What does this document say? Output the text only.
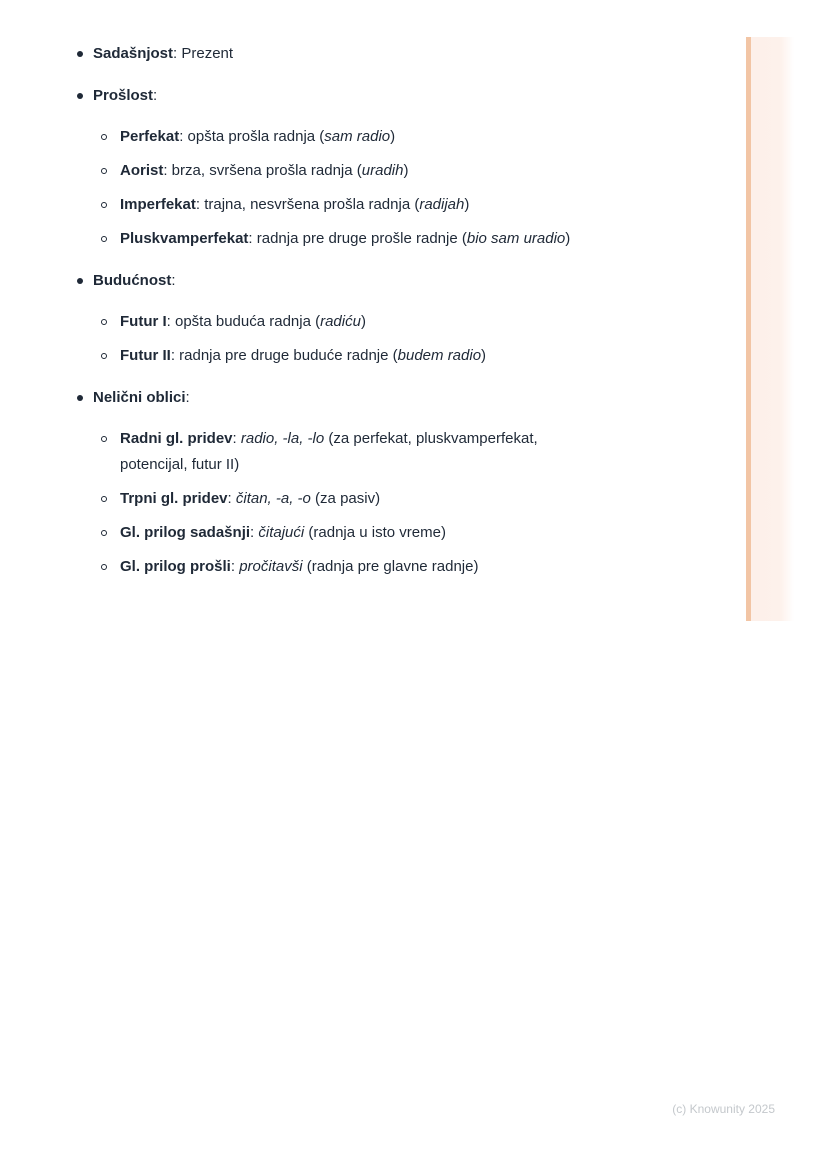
Sadašnjost: Prezent
Prošlost:
Perfekat: opšta prošla radnja (sam radio)
Aorist: brza, svršena prošla radnja (uradih)
Imperfekat: trajna, nesvršena prošla radnja (radijah)
Pluskvamperfekat: radnja pre druge prošle radnje (bio sam uradio)
Budućnost:
Futur I: opšta buduća radnja (radiću)
Futur II: radnja pre druge buduće radnje (budem radio)
Nelični oblici:
Radni gl. pridev: radio, -la, -lo (za perfekat, pluskvamperfekat,
potencijal, futur II)
Trpni gl. pridev: čitan, -a, -o (za pasiv)
Gl. prilog sadašnji: čitajući (radnja u isto vreme)
Gl. prilog prošli: pročitavši (radnja pre glavne radnje)
(c) Knowunity 2025
